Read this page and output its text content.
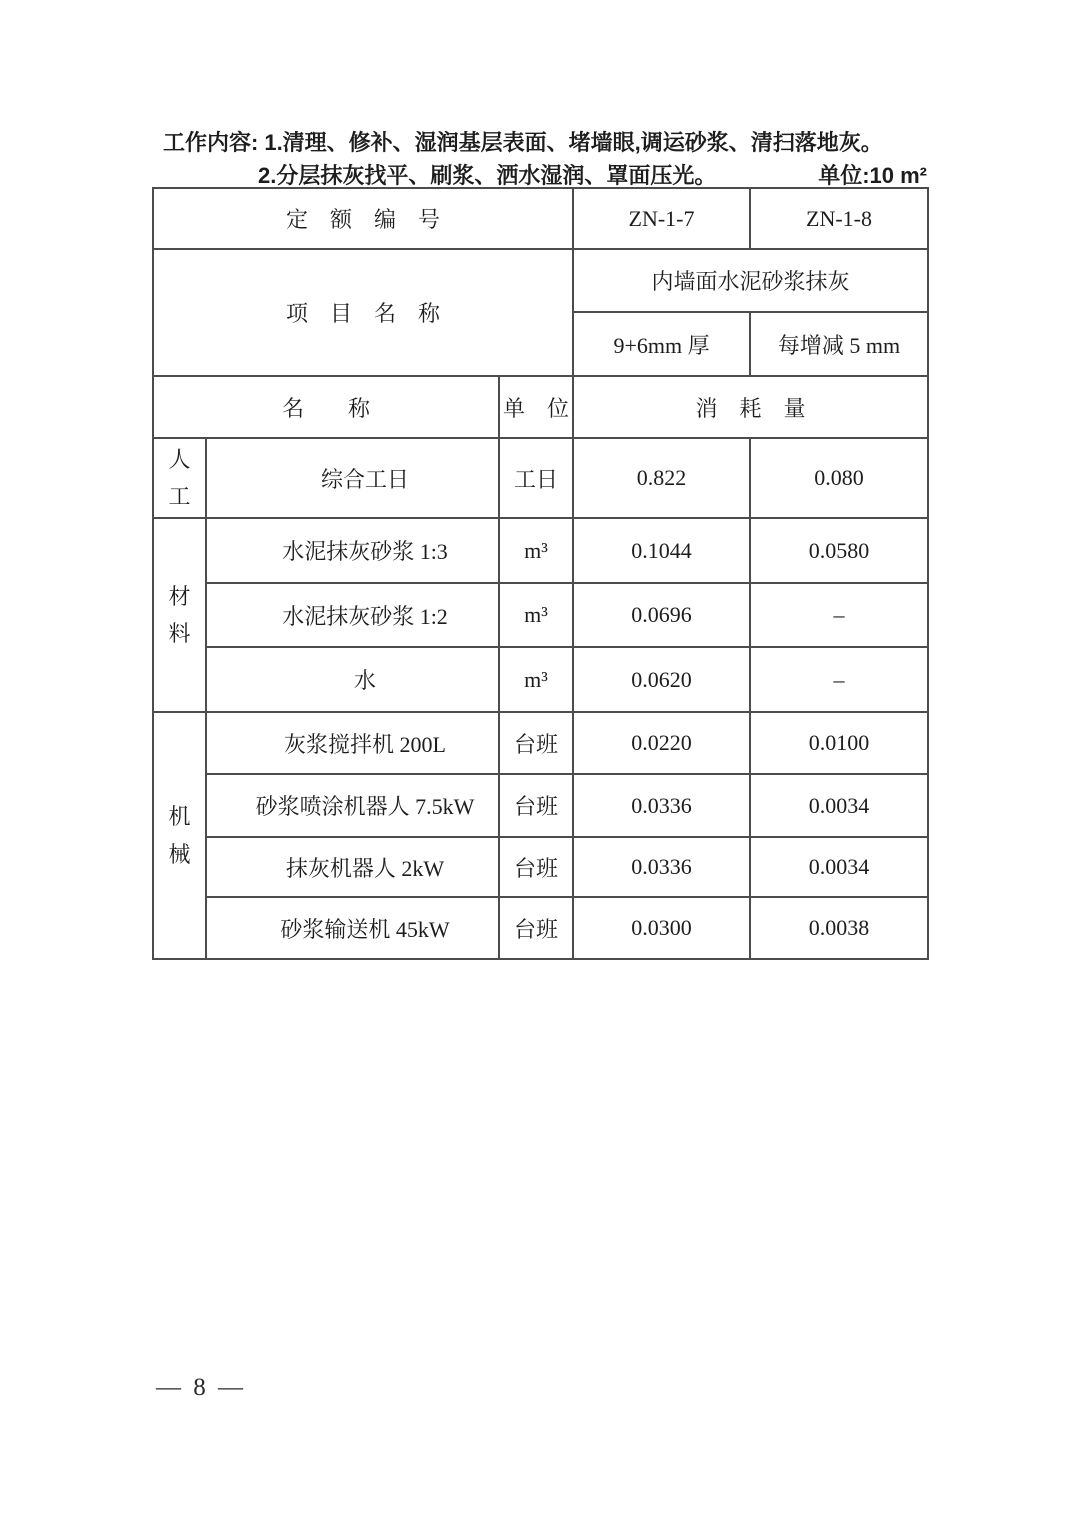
工作内容: 1.清理、修补、湿润基层表面、堵墙眼,调运砂浆、清扫落地灰。
2.分层抹灰找平、刷浆、洒水湿润、罩面压光。	单位:10 m²
定　额　编　号			ZN-1-7	ZN-1-8
项　目　名　称			内墙面水泥砂浆抹灰	
			9+6mm 厚	每增减 5 mm
名　　称		单　位	消　耗　量	

人工	综合工日	工日	0.822	0.080

材料	水泥抹灰砂浆 1:3	m³	0.1044	0.0580
	水泥抹灰砂浆 1:2	m³	0.0696	–
	水	m³	0.0620	–

机械	灰浆搅拌机 200L	台班	0.0220	0.0100
	砂浆喷涂机器人 7.5kW	台班	0.0336	0.0034
	抹灰机器人 2kW	台班	0.0336	0.0034
	砂浆输送机 45kW	台班	0.0300	0.0038
— 8 —
